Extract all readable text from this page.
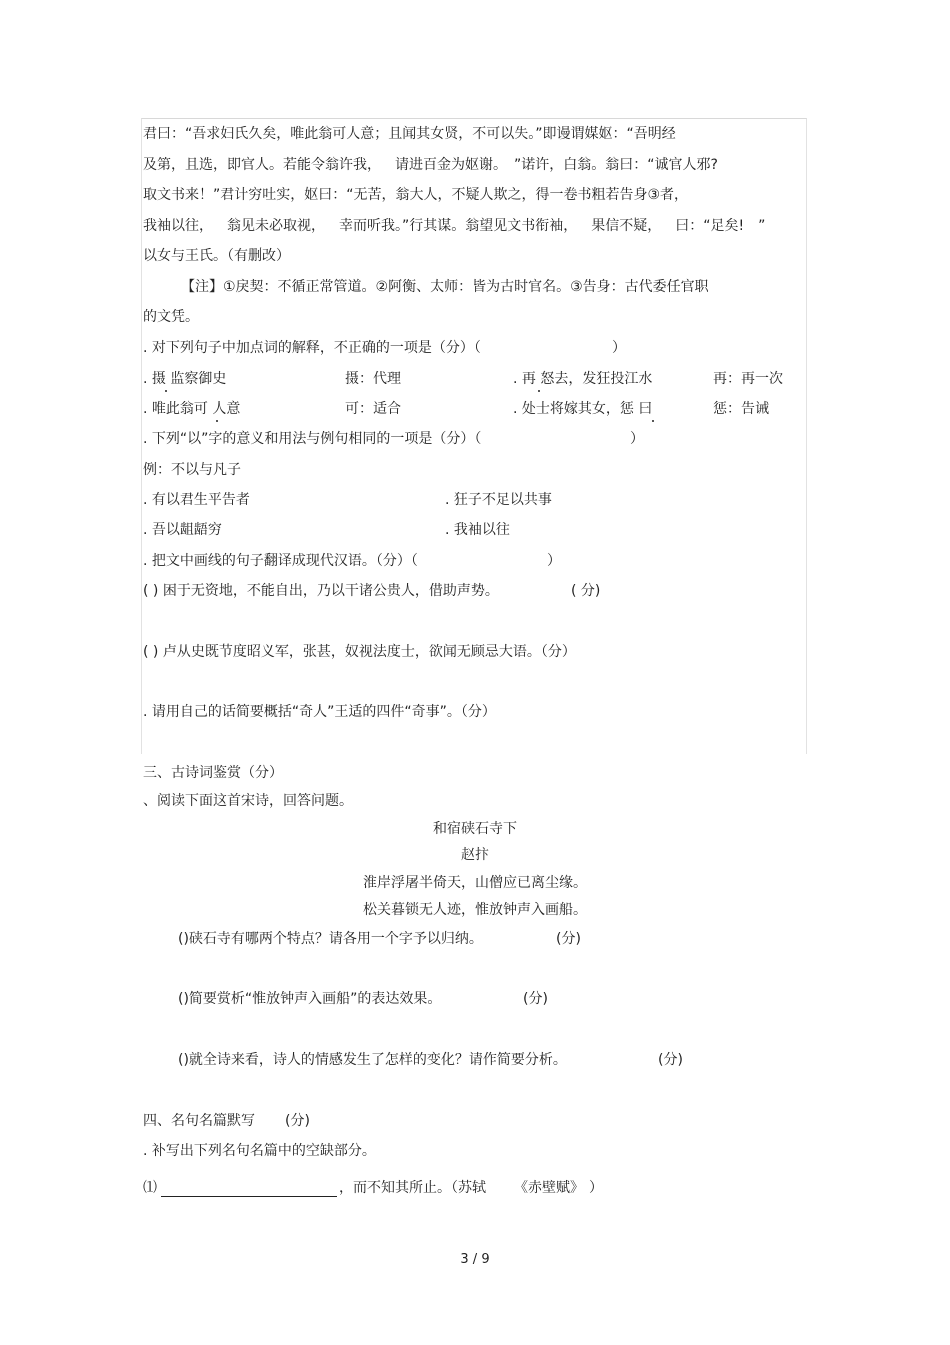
君曰：“吾求妇氏久矣，唯此翁可人意；且闻其女贤，不可以失。”即谩谓媒妪：“吾明经
及第，且选，即官人。若能令翁许我， 请进百金为妪谢。 ”诺许，白翁。翁曰：“诚官人邪?
取文书来！”君计穷吐实，妪曰：“无苦，翁大人，不疑人欺之，得一卷书粗若告身③者，
我袖以往， 翁见未必取视， 幸而听我。”行其谋。翁望见文书衔袖， 果信不疑， 曰：“足矣! ”
以女与王氏。（有删改）
【注】①戾契：不循正常管道。②阿衡、太师：皆为古时官名。③告身：古代委任官职
的文凭。
. 对下列句子中加点词的解释，不正确的一项是（分）（	）
. 摄 监察御史	摄：代理	. 再 怒去，发狂投江水	再：再一次
. 唯此翁可 人意	可：适合	. 处士将嫁其女，惩 曰	惩：告诫
. 下列“以”字的意义和用法与例句相同的一项是（分）（	）
例：不以与凡子
. 有以君生平告者	. 狂子不足以共事
. 吾以龃龉穷	. 我袖以往
. 把文中画线的句子翻译成现代汉语。（分）（	）
( ) 困于无资地，不能自出，乃以干诸公贵人，借助声势。	( 分)
( ) 卢从史既节度昭义军，张甚，奴视法度士，欲闻无顾忌大语。（分）
. 请用自己的话简要概括“奇人”王适的四件“奇事”。（分）
三、古诗词鉴赏（分）
、阅读下面这首宋诗，回答问题。
和宿硖石寺下
赵抃
淮岸浮屠半倚天，山僧应已离尘缘。
松关暮锁无人迹，惟放钟声入画船。
()硖石寺有哪两个特点？请各用一个字予以归纳。	(分)
()简要赏析“惟放钟声入画船”的表达效果。	(分)
()就全诗来看，诗人的情感发生了怎样的变化？请作简要分析。	(分)
四、名句名篇默写 (分)
. 补写出下列名句名篇中的空缺部分。
⑴	，而不知其所止。（苏轼 《赤壁赋》 ）
3 / 9
